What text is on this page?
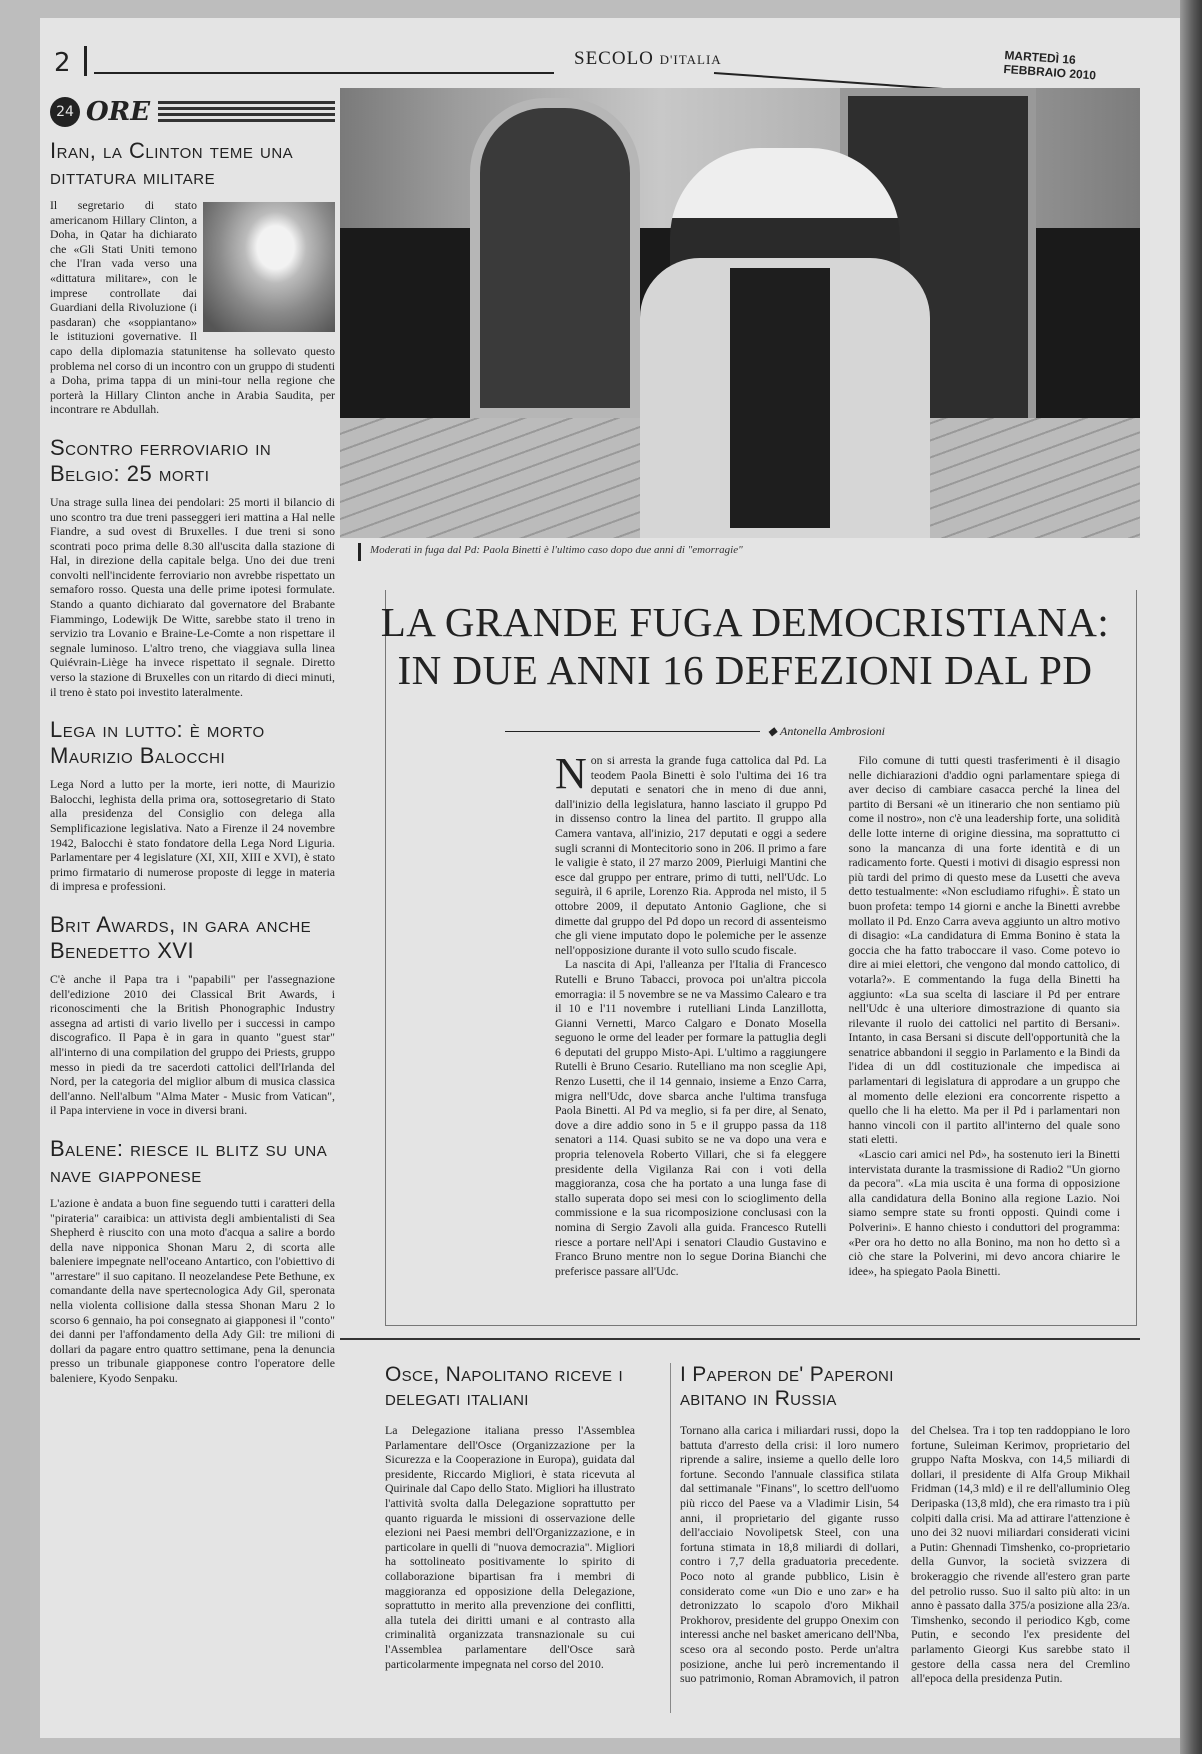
2	SECOLO D'ITALIA	MARTEDÌ 16 FEBBRAIO 2010
24 ORE
Iran, la Clinton teme una dittatura militare

Il segretario di stato americanom Hillary Clinton, a Doha, in Qatar ha dichiarato che «Gli Stati Uniti temono che l'Iran vada verso una «dittatura militare», con le imprese controllate dai Guardiani della Rivoluzione (i pasdaran) che «soppiantano» le istituzioni governative. Il capo della diplomazia statunitense ha sollevato questo problema nel corso di un incontro con un gruppo di studenti a Doha, prima tappa di un mini-tour nella regione che porterà la Hillary Clinton anche in Arabia Saudita, per incontrare re Abdullah.

Scontro ferroviario in Belgio: 25 morti

Una strage sulla linea dei pendolari: 25 morti il bilancio di uno scontro tra due treni passeggeri ieri mattina a Hal nelle Fiandre, a sud ovest di Bruxelles. I due treni si sono scontrati poco prima delle 8.30 all'uscita dalla stazione di Hal, in direzione della capitale belga. Uno dei due treni convolti nell'incidente ferroviario non avrebbe rispettato un semaforo rosso. Questa una delle prime ipotesi formulate. Stando a quanto dichiarato dal governatore del Brabante Fiammingo, Lodewijk De Witte, sarebbe stato il treno in servizio tra Lovanio e Braine-Le-Comte a non rispettare il segnale luminoso. L'altro treno, che viaggiava sulla linea Quiévrain-Liège ha invece rispettato il segnale. Diretto verso la stazione di Bruxelles con un ritardo di dieci minuti, il treno è stato poi investito lateralmente.

Lega in lutto: è morto Maurizio Balocchi

Lega Nord a lutto per la morte, ieri notte, di Maurizio Balocchi, leghista della prima ora, sottosegretario di Stato alla presidenza del Consiglio con delega alla Semplificazione legislativa. Nato a Firenze il 24 novembre 1942, Balocchi è stato fondatore della Lega Nord Liguria. Parlamentare per 4 legislature (XI, XII, XIII e XVI), è stato primo firmatario di numerose proposte di legge in materia di impresa e professioni.

Brit Awards, in gara anche Benedetto XVI

C'è anche il Papa tra i "papabili" per l'assegnazione dell'edizione 2010 dei Classical Brit Awards, i riconoscimenti che la British Phonographic Industry assegna ad artisti di vario livello per i successi in campo discografico. Il Papa è in gara in quanto "guest star" all'interno di una compilation del gruppo dei Priests, gruppo messo in piedi da tre sacerdoti cattolici dell'Irlanda del Nord, per la categoria del miglior album di musica classica dell'anno. Nell'album "Alma Mater - Music from Vatican", il Papa interviene in voce in diversi brani.

Balene: riesce il blitz su una nave giapponese

L'azione è andata a buon fine seguendo tutti i caratteri della "pirateria" caraibica: un attivista degli ambientalisti di Sea Shepherd è riuscito con una moto d'acqua a salire a bordo della nave nipponica Shonan Maru 2, di scorta alle baleniere impegnate nell'oceano Antartico, con l'obiettivo di "arrestare" il suo capitano. Il neozelandese Pete Bethune, ex comandante della nave spertecnologica Ady Gil, speronata nella violenta collisione dalla stessa Shonan Maru 2 lo scorso 6 gennaio, ha poi consegnato ai giapponesi il "conto" dei danni per l'affondamento della Ady Gil: tre milioni di dollari da pagare entro quattro settimane, pena la denuncia presso un tribunale giapponese contro l'operatore delle baleniere, Kyodo Senpaku.

Moderati in fuga dal Pd: Paola Binetti è l'ultimo caso dopo due anni di "emorragie"
LA GRANDE FUGA DEMOCRISTIANA:
IN DUE ANNI 16 DEFEZIONI DAL PD
◆ Antonella Ambrosioni

Non si arresta la grande fuga cattolica dal Pd. La teodem Paola Binetti è solo l'ultima dei 16 tra deputati e senatori che in meno di due anni, dall'inizio della legislatura, hanno lasciato il gruppo Pd in dissenso contro la linea del partito. Il gruppo alla Camera vantava, all'inizio, 217 deputati e oggi a sedere sugli scranni di Montecitorio sono in 206. Il primo a fare le valigie è stato, il 27 marzo 2009, Pierluigi Mantini che esce dal gruppo per entrare, primo di tutti, nell'Udc. Lo seguirà, il 6 aprile, Lorenzo Ria. Approda nel misto, il 5 ottobre 2009, il deputato Antonio Gaglione, che si dimette dal gruppo del Pd dopo un record di assenteismo che gli viene imputato dopo le polemiche per le assenze nell'opposizione durante il voto sullo scudo fiscale.

La nascita di Api, l'alleanza per l'Italia di Francesco Rutelli e Bruno Tabacci, provoca poi un'altra piccola emorragia: il 5 novembre se ne va Massimo Calearo e tra il 10 e l'11 novembre i rutelliani Linda Lanzillotta, Gianni Vernetti, Marco Calgaro e Donato Mosella seguono le orme del leader per formare la pattuglia degli 6 deputati del gruppo Misto-Api. L'ultimo a raggiungere Rutelli è Bruno Cesario. Rutelliano ma non sceglie Api, Renzo Lusetti, che il 14 gennaio, insieme a Enzo Carra, migra nell'Udc, dove sbarca anche l'ultima transfuga Paola Binetti. Al Pd va meglio, si fa per dire, al Senato, dove a dire addio sono in 5 e il gruppo passa da 118 senatori a 114. Quasi subito se ne va dopo una vera e propria telenovela Roberto Villari, che si fa eleggere presidente della Vigilanza Rai con i voti della maggioranza, cosa che ha portato a una lunga fase di stallo superata dopo sei mesi con lo scioglimento della commissione e la sua ricomposizione conclusasi con la nomina di Sergio Zavoli alla guida. Francesco Rutelli riesce a portare nell'Api i senatori Claudio Gustavino e Franco Bruno mentre non lo segue Dorina Bianchi che preferisce passare all'Udc.

Filo comune di tutti questi trasferimenti è il disagio nelle dichiarazioni d'addio ogni parlamentare spiega di aver deciso di cambiare casacca perché la linea del partito di Bersani «è un itinerario che non sentiamo più come il nostro», non c'è una leadership forte, una solidità delle lotte interne di origine diessina, ma soprattutto ci sono la mancanza di una forte identità e di un radicamento forte. Questi i motivi di disagio espressi non più tardi del primo di questo mese da Lusetti che aveva detto testualmente: «Non escludiamo rifughi». È stato un buon profeta: tempo 14 giorni e anche la Binetti avrebbe mollato il Pd. Enzo Carra aveva aggiunto un altro motivo di disagio: «La candidatura di Emma Bonino è stata la goccia che ha fatto traboccare il vaso. Come potevo io dire ai miei elettori, che vengono dal mondo cattolico, di votarla?». E commentando la fuga della Binetti ha aggiunto: «La sua scelta di lasciare il Pd per entrare nell'Udc è una ulteriore dimostrazione di quanto sia rilevante il ruolo dei cattolici nel partito di Bersani». Intanto, in casa Bersani si discute dell'opportunità che la senatrice abbandoni il seggio in Parlamento e la Bindi da l'idea di un ddl costituzionale che impedisca ai parlamentari di legislatura di approdare a un gruppo che al momento delle elezioni era concorrente rispetto a quello che li ha eletto. Ma per il Pd i parlamentari non hanno vincoli con il partito all'interno del quale sono stati eletti.

«Lascio cari amici nel Pd», ha sostenuto ieri la Binetti intervistata durante la trasmissione di Radio2 "Un giorno da pecora". «La mia uscita è una forma di opposizione alla candidatura della Bonino alla regione Lazio. Noi siamo sempre state su fronti opposti. Quindi come i Polverini». E hanno chiesto i conduttori del programma: «Per ora ho detto no alla Bonino, ma non ho detto sì a ciò che stare la Polverini, mi devo ancora chiarire le idee», ha spiegato Paola Binetti.

Osce, Napolitano riceve i delegati italiani

La Delegazione italiana presso l'Assemblea Parlamentare dell'Osce (Organizzazione per la Sicurezza e la Cooperazione in Europa), guidata dal presidente, Riccardo Migliori, è stata ricevuta al Quirinale dal Capo dello Stato. Migliori ha illustrato l'attività svolta dalla Delegazione soprattutto per quanto riguarda le missioni di osservazione delle elezioni nei Paesi membri dell'Organizzazione, e in particolare in quelli di "nuova democrazia". Migliori ha sottolineato positivamente lo spirito di collaborazione bipartisan fra i membri di maggioranza ed opposizione della Delegazione, soprattutto in merito alla prevenzione dei conflitti, alla tutela dei diritti umani e al contrasto alla criminalità organizzata transnazionale su cui l'Assemblea parlamentare dell'Osce sarà particolarmente impegnata nel corso del 2010.

I Paperon de' Paperoni abitano in Russia

Tornano alla carica i miliardari russi, dopo la battuta d'arresto della crisi: il loro numero riprende a salire, insieme a quello delle loro fortune. Secondo l'annuale classifica stilata dal settimanale "Finans", lo scettro dell'uomo più ricco del Paese va a Vladimir Lisin, 54 anni, il proprietario del gigante russo dell'acciaio Novolipetsk Steel, con una fortuna stimata in 18,8 miliardi di dollari, contro i 7,7 della graduatoria precedente. Poco noto al grande pubblico, Lisin è considerato come «un Dio e uno zar» e ha detronizzato lo scapolo d'oro Mikhail Prokhorov, presidente del gruppo Onexim con interessi anche nel basket americano dell'Nba, sceso ora al secondo posto. Perde un'altra posizione, anche lui però incrementando il suo patrimonio, Roman Abramovich, il patron del Chelsea. Tra i top ten raddoppiano le loro fortune, Suleiman Kerimov, proprietario del gruppo Nafta Moskva, con 14,5 miliardi di dollari, il presidente di Alfa Group Mikhail Fridman (14,3 mld) e il re dell'alluminio Oleg Deripaska (13,8 mld), che era rimasto tra i più colpiti dalla crisi. Ma ad attirare l'attenzione è uno dei 32 nuovi miliardari considerati vicini a Putin: Ghennadi Timshenko, co-proprietario della Gunvor, la società svizzera di brokeraggio che rivende all'estero gran parte del petrolio russo. Suo il salto più alto: in un anno è passato dalla 375/a posizione alla 23/a. Timshenko, secondo il periodico Kgb, come Putin, e secondo l'ex presidente del parlamento Gieorgi Kus sarebbe stato il gestore della cassa nera del Cremlino all'epoca della presidenza Putin.
